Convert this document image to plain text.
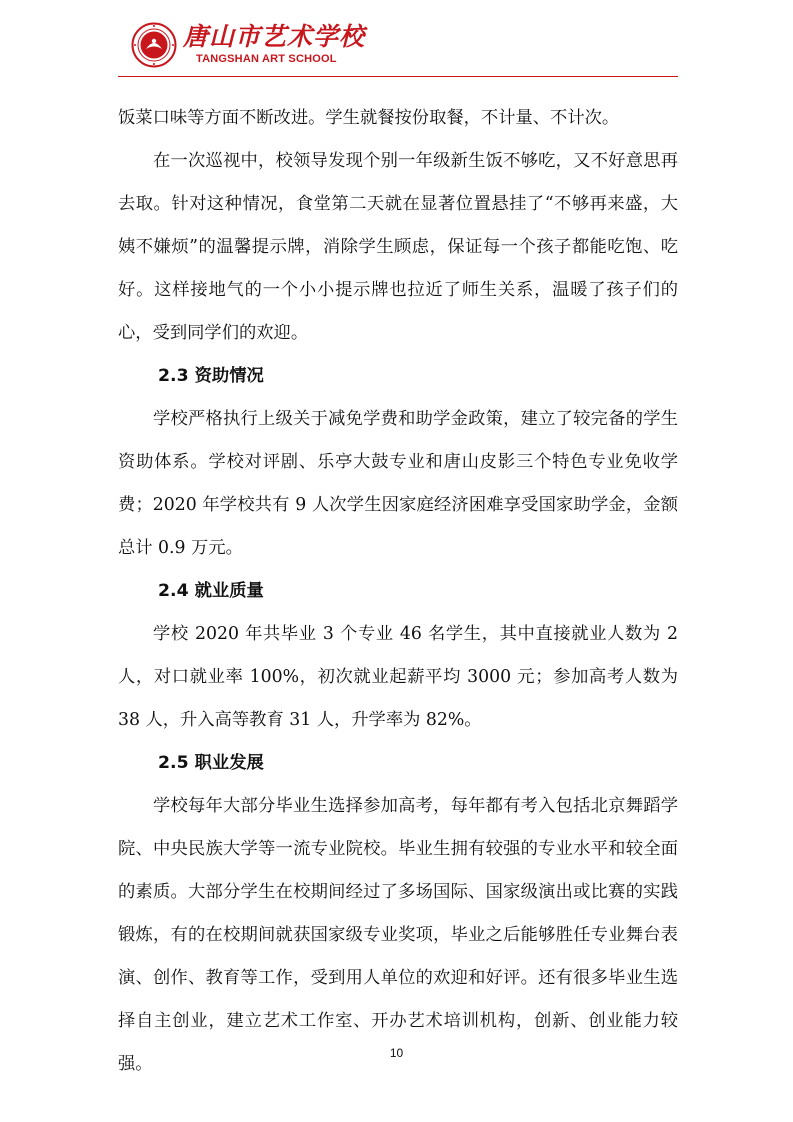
唐山市艺术学校
TANGSHAN ART SCHOOL

饭菜口味等方面不断改进。学生就餐按份取餐，不计量、不计次。

在一次巡视中，校领导发现个别一年级新生饭不够吃，又不好意思再去取。针对这种情况，食堂第二天就在显著位置悬挂了“不够再来盛，大姨不嫌烦”的温馨提示牌，消除学生顾虑，保证每一个孩子都能吃饱、吃好。这样接地气的一个小小提示牌也拉近了师生关系，温暖了孩子们的心，受到同学们的欢迎。

2.3 资助情况

学校严格执行上级关于减免学费和助学金政策，建立了较完备的学生资助体系。学校对评剧、乐亭大鼓专业和唐山皮影三个特色专业免收学费；2020 年学校共有 9 人次学生因家庭经济困难享受国家助学金，金额总计 0.9 万元。

2.4 就业质量

学校 2020 年共毕业 3 个专业 46 名学生，其中直接就业人数为 2人，对口就业率 100%，初次就业起薪平均 3000 元；参加高考人数为38 人，升入高等教育 31 人，升学率为 82%。

2.5 职业发展

学校每年大部分毕业生选择参加高考，每年都有考入包括北京舞蹈学院、中央民族大学等一流专业院校。毕业生拥有较强的专业水平和较全面的素质。大部分学生在校期间经过了多场国际、国家级演出或比赛的实践锻炼，有的在校期间就获国家级专业奖项，毕业之后能够胜任专业舞台表演、创作、教育等工作，受到用人单位的欢迎和好评。还有很多毕业生选择自主创业，建立艺术工作室、开办艺术培训机构，创新、创业能力较强。

10
